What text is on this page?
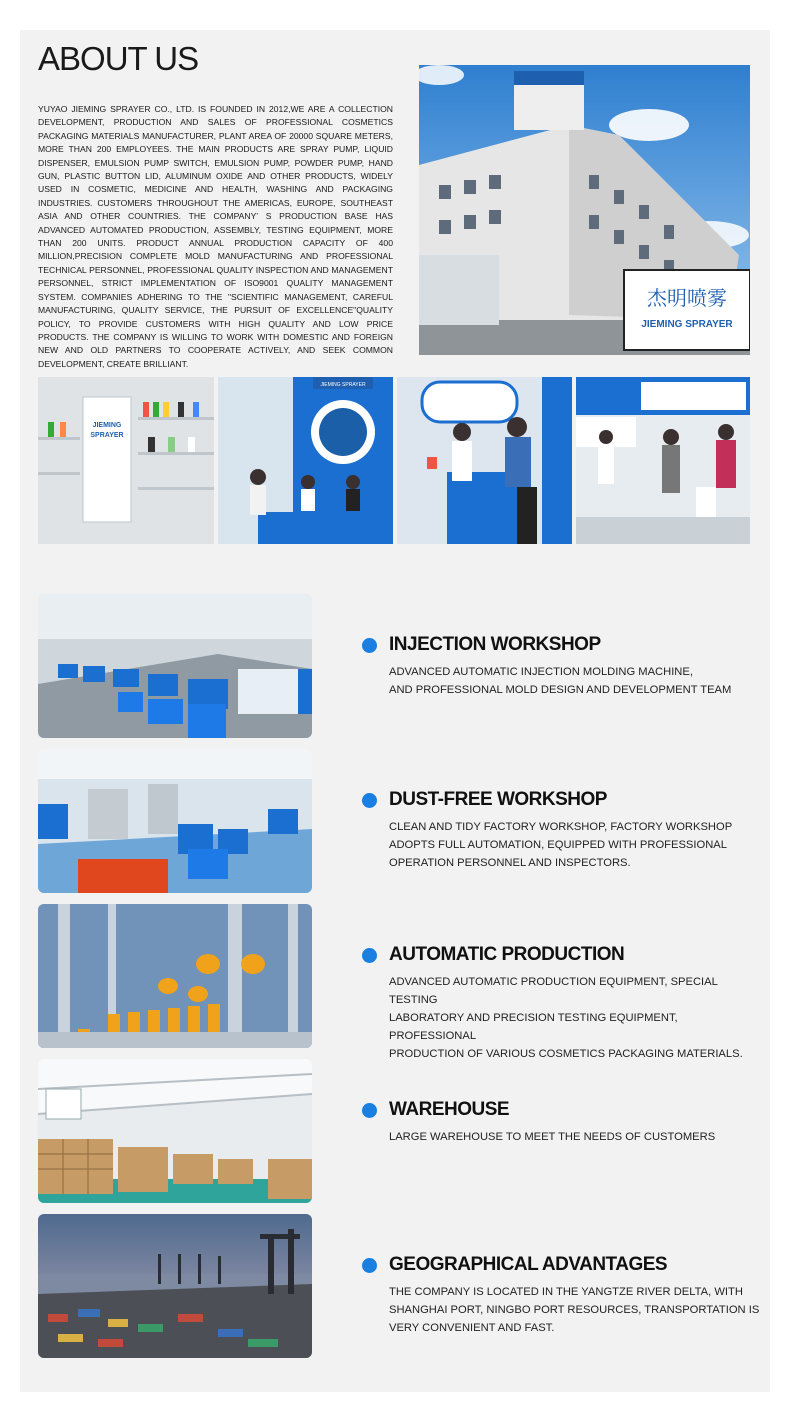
ABOUT US

YUYAO JIEMING SPRAYER CO., LTD. IS FOUNDED IN 2012,WE ARE A COLLECTION DEVELOPMENT, PRODUCTION AND SALES OF PROFESSIONAL COSMETICS PACKAGING MATERIALS MANUFACTURER, PLANT AREA OF 20000 SQUARE METERS, MORE THAN 200 EMPLOYEES. THE MAIN PRODUCTS ARE SPRAY PUMP, LIQUID DISPENSER, EMULSION PUMP SWITCH, EMULSION PUMP, POWDER PUMP, HAND GUN, PLASTIC BUTTON LID, ALUMINUM OXIDE AND OTHER PRODUCTS, WIDELY USED IN COSMETIC, MEDICINE AND HEALTH, WASHING AND PACKAGING INDUSTRIES. CUSTOMERS THROUGHOUT THE AMERICAS, EUROPE, SOUTHEAST ASIA AND OTHER COUNTRIES. THE COMPANY' S PRODUCTION BASE HAS ADVANCED AUTOMATED PRODUCTION, ASSEMBLY, TESTING EQUIPMENT, MORE THAN 200 UNITS. PRODUCT ANNUAL PRODUCTION CAPACITY OF 400 MILLION,PRECISION COMPLETE MOLD MANUFACTURING AND PROFESSIONAL TECHNICAL PERSONNEL, PROFESSIONAL QUALITY INSPECTION AND MANAGEMENT PERSONNEL, STRICT IMPLEMENTATION OF ISO9001 QUALITY MANAGEMENT SYSTEM. COMPANIES ADHERING TO THE "SCIENTIFIC MANAGEMENT, CAREFUL MANUFACTURING, QUALITY SERVICE, THE PURSUIT OF EXCELLENCE"QUALITY POLICY, TO PROVIDE CUSTOMERS WITH HIGH QUALITY AND LOW PRICE PRODUCTS. THE COMPANY IS WILLING TO WORK WITH DOMESTIC AND FOREIGN NEW AND OLD PARTNERS TO COOPERATE ACTIVELY, AND SEEK COMMON DEVELOPMENT, CREATE BRILLIANT.

杰明喷雾
JIEMING SPRAYER
JIEMING
SPRAYER
JIEMING SPRAYER
INJECTION WORKSHOP

ADVANCED AUTOMATIC INJECTION MOLDING MACHINE,
AND PROFESSIONAL MOLD DESIGN AND DEVELOPMENT TEAM

DUST-FREE WORKSHOP

CLEAN AND TIDY FACTORY WORKSHOP, FACTORY WORKSHOP
ADOPTS FULL AUTOMATION, EQUIPPED WITH PROFESSIONAL
OPERATION PERSONNEL AND INSPECTORS.

AUTOMATIC PRODUCTION

ADVANCED AUTOMATIC PRODUCTION EQUIPMENT, SPECIAL TESTING
LABORATORY AND PRECISION TESTING EQUIPMENT, PROFESSIONAL
PRODUCTION OF VARIOUS COSMETICS PACKAGING MATERIALS.

WAREHOUSE

LARGE WAREHOUSE TO MEET THE NEEDS OF CUSTOMERS

GEOGRAPHICAL ADVANTAGES

THE COMPANY IS LOCATED IN THE YANGTZE RIVER DELTA, WITH
SHANGHAI PORT, NINGBO PORT RESOURCES, TRANSPORTATION IS
VERY CONVENIENT AND FAST.
